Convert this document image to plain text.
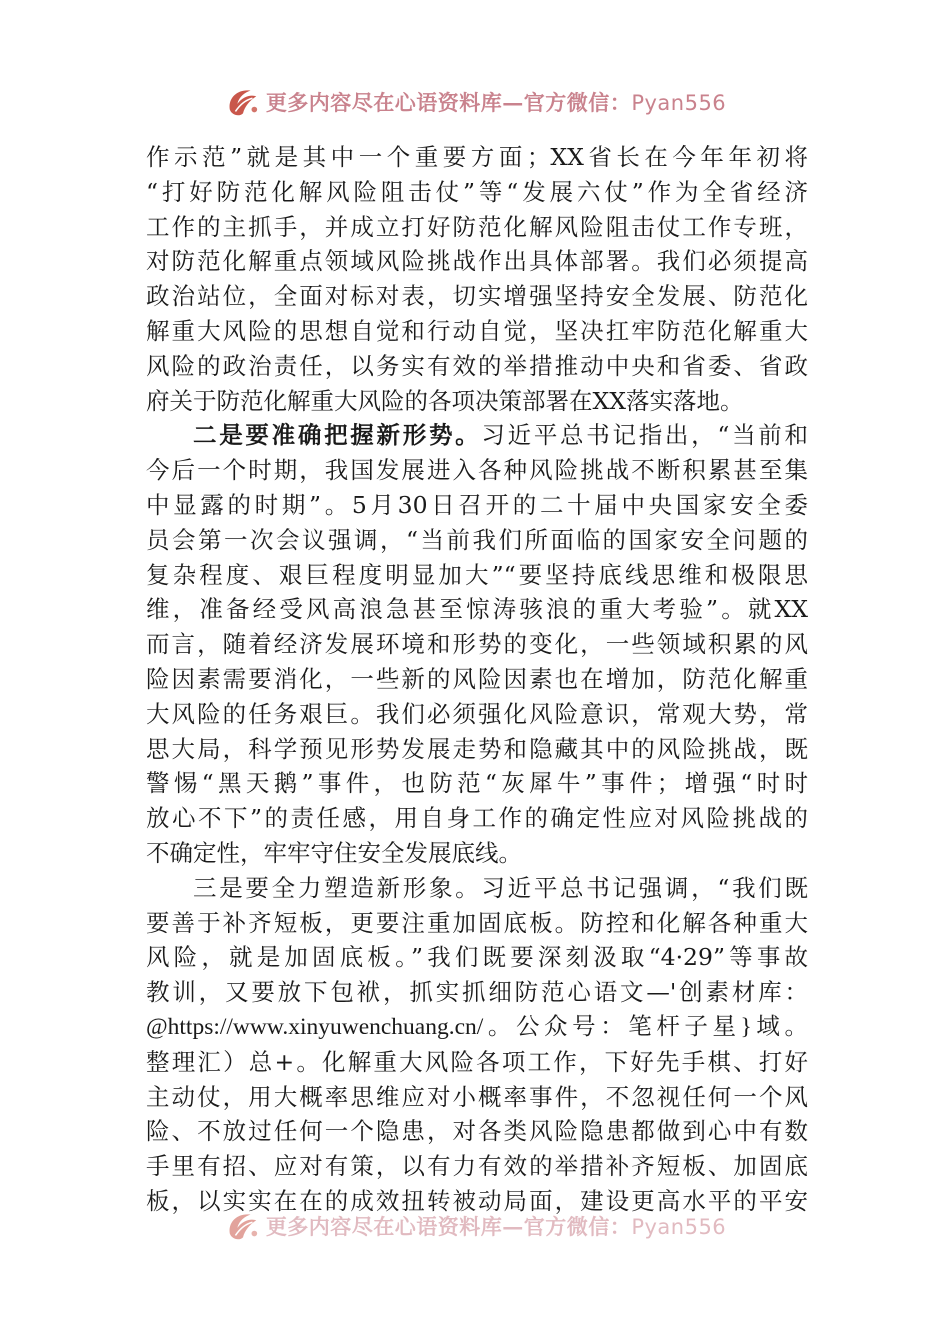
更多内容尽在心语资料库—官方微信：Pyan556
作示范”就是其中一个重要方面；XX省长在今年年初将
“打好防范化解风险阻击仗”等“发展六仗”作为全省经济
工作的主抓手，并成立打好防范化解风险阻击仗工作专班，
对防范化解重点领域风险挑战作出具体部署。我们必须提高
政治站位，全面对标对表，切实增强坚持安全发展、防范化
解重大风险的思想自觉和行动自觉，坚决扛牢防范化解重大
风险的政治责任，以务实有效的举措推动中央和省委、省政
府关于防范化解重大风险的各项决策部署在XX落实落地。
二是要准确把握新形势。习近平总书记指出，“当前和
今后一个时期，我国发展进入各种风险挑战不断积累甚至集
中显露的时期”。5月30日召开的二十届中央国家安全委
员会第一次会议强调，“当前我们所面临的国家安全问题的
复杂程度、艰巨程度明显加大”“要坚持底线思维和极限思
维，准备经受风高浪急甚至惊涛骇浪的重大考验”。就XX
而言，随着经济发展环境和形势的变化，一些领域积累的风
险因素需要消化，一些新的风险因素也在增加，防范化解重
大风险的任务艰巨。我们必须强化风险意识，常观大势，常
思大局，科学预见形势发展走势和隐藏其中的风险挑战，既
警惕“黑天鹅”事件，也防范“灰犀牛”事件；增强“时时
放心不下”的责任感，用自身工作的确定性应对风险挑战的
不确定性，牢牢守住安全发展底线。
三是要全力塑造新形象。习近平总书记强调，“我们既
要善于补齐短板，更要注重加固底板。防控和化解各种重大
风险，就是加固底板。”我们既要深刻汲取“4·29”等事故
教训，又要放下包袱，抓实抓细防范心语文—'创素材库：
@https://www.xinyuwenchuang.cn/。公众号：笔杆子星}域。
整理汇）总+。化解重大风险各项工作，下好先手棋、打好
主动仗，用大概率思维应对小概率事件，不忽视任何一个风
险、不放过任何一个隐患，对各类风险隐患都做到心中有数
手里有招、应对有策，以有力有效的举措补齐短板、加固底
板，以实实在在的成效扭转被动局面，建设更高水平的平安
更多内容尽在心语资料库—官方微信：Pyan556
